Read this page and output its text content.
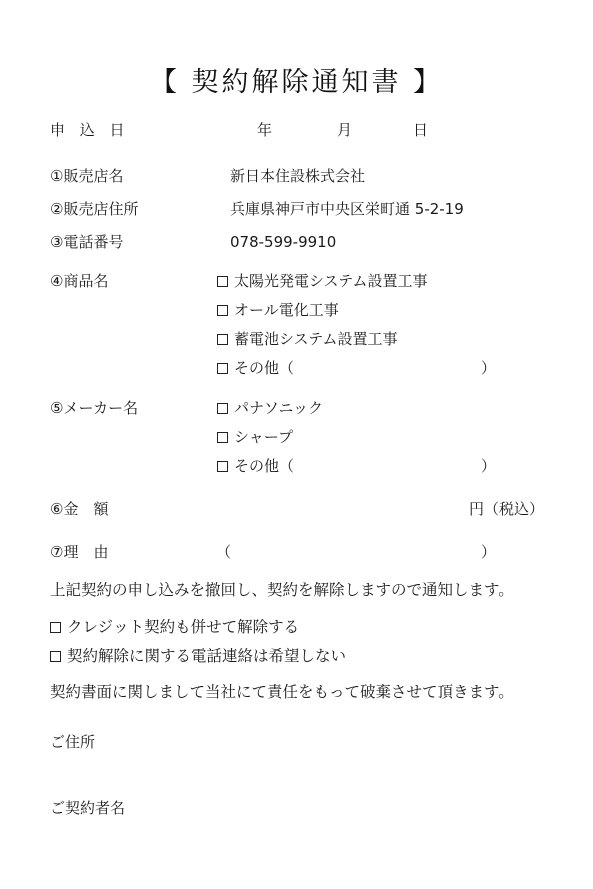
【 契約解除通知書 】
申 込 日	年	月	日
①販売店名	新日本住設株式会社
②販売店住所	兵庫県神戸市中央区栄町通 5-2-19
③電話番号	078-599-9910
④商品名	太陽光発電システム設置工事
オール電化工事
蓄電池システム設置工事
その他（	）
⑤メーカー名	パナソニック
シャープ
その他（	）
⑥金　額	円（税込）
⑦理　由	（	）
上記契約の申し込みを撤回し、契約を解除しますので通知します。
クレジット契約も併せて解除する
契約解除に関する電話連絡は希望しない
契約書面に関しまして当社にて責任をもって破棄させて頂きます。
ご住所
ご契約者名
